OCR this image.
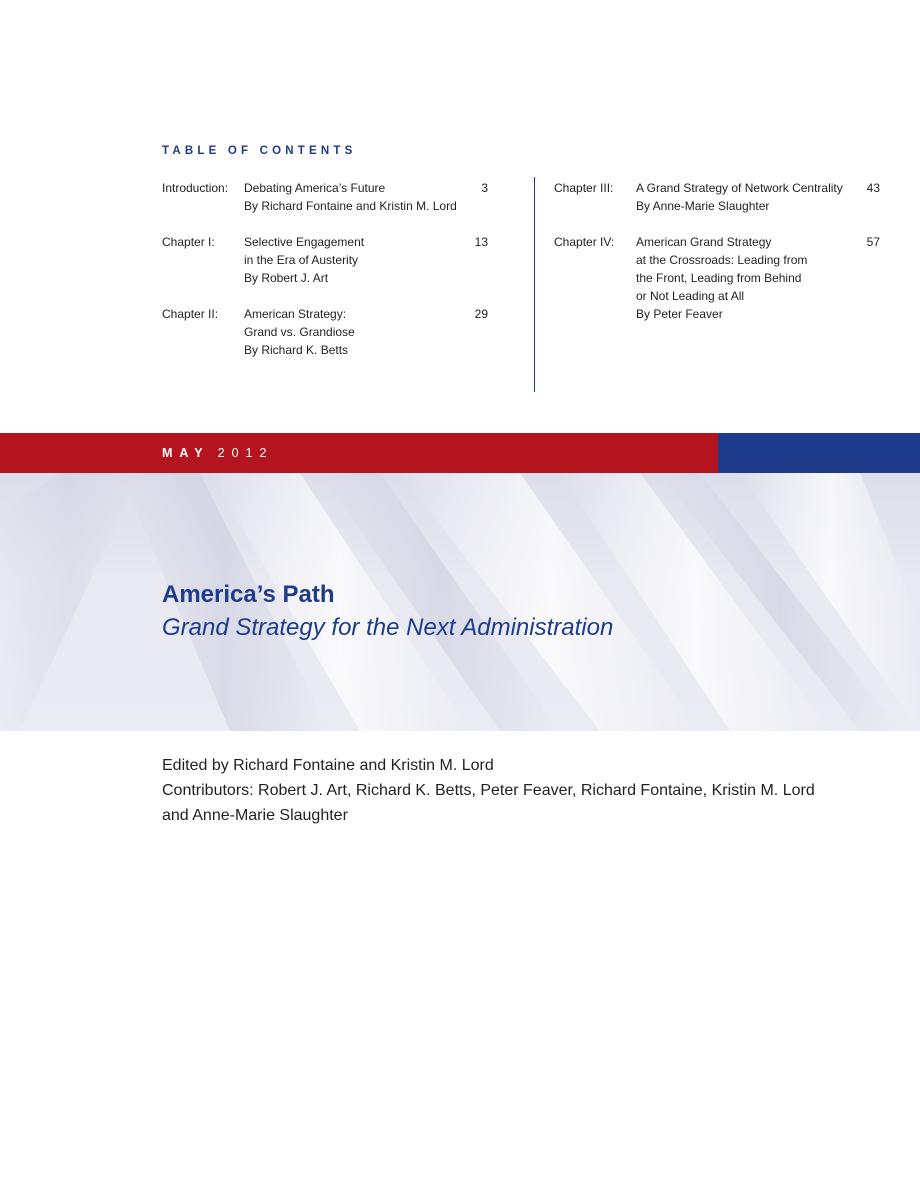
TABLE OF CONTENTS
Introduction: Debating America’s Future
By Richard Fontaine and Kristin M. Lord
3
Chapter I: Selective Engagement
in the Era of Austerity
By Robert J. Art
13
Chapter II: American Strategy:
Grand vs. Grandiose
By Richard K. Betts
29
Chapter III: A Grand Strategy of Network Centrality
By Anne-Marie Slaughter
43
Chapter IV: American Grand Strategy
at the Crossroads: Leading from
the Front, Leading from Behind
or Not Leading at All
By Peter Feaver
57
MAY 2012
America’s Path
Grand Strategy for the Next Administration
Edited by Richard Fontaine and Kristin M. Lord
Contributors: Robert J. Art, Richard K. Betts, Peter Feaver, Richard Fontaine, Kristin M. Lord
and Anne-Marie Slaughter
